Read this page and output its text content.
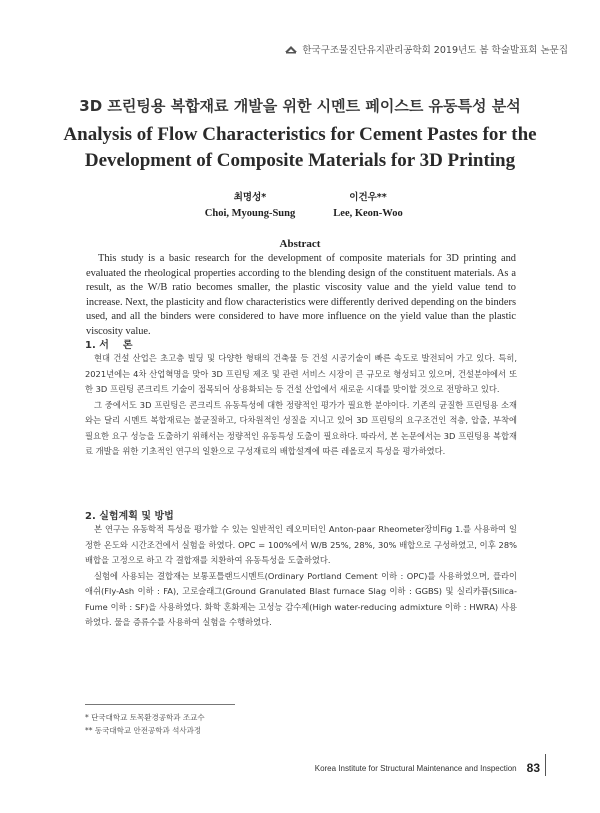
한국구조물진단유지관리공학회 2019년도 봄 학술발표회 논문집
3D 프린팅용 복합재료 개발을 위한 시멘트 페이스트 유동특성 분석
Analysis of Flow Characteristics for Cement Pastes for the
Development of Composite Materials for 3D Printing
최명성*
Choi, Myoung-Sung
이건우**
Lee, Keon-Woo
Abstract
This study is a basic research for the development of composite materials for 3D printing and evaluated the rheological properties according to the blending design of the constituent materials. As a result, as the W/B ratio becomes smaller, the plastic viscosity value and the yield value tend to increase. Next, the plasticity and flow characteristics were differently derived depending on the binders used, and all the binders were considered to have more influence on the yield value than the plastic viscosity value.
1. 서    론

현대 건설 산업은 초고층 빌딩 및 다양한 형태의 건축물 등 건설 시공기술이 빠른 속도로 발전되어 가고 있다. 특히, 2021년에는 4차 산업혁명을 맞아 3D 프린팅 제조 및 관련 서비스 시장이 큰 규모로 형성되고 있으며, 건설분야에서 또한 3D 프린팅 콘크리트 기술이 접목되어 상용화되는 등 건설 산업에서 새로운 시대를 맞이할 것으로 전망하고 있다.

그 중에서도 3D 프린팅은 콘크리트 유동특성에 대한 정량적인 평가가 필요한 분야이다. 기존의 균질한 프린팅용 소재와는 달리 시멘트 복합재료는 불균질하고, 다차원적인 성질을 지니고 있어 3D 프린팅의 요구조건인 적층, 압출, 부착에 필요한 요구 성능을 도출하기 위해서는 정량적인 유동특성 도출이 필요하다. 따라서, 본 논문에서는 3D 프린팅용 복합재료 개발을 위한 기초적인 연구의 일환으로 구성재료의 배합설계에 따른 레올로지 특성을 평가하였다.

2. 실험계획 및 방법

본 연구는 유동학적 특성을 평가할 수 있는 일반적인 레오미터인 Anton-paar Rheometer장비Fig 1.를 사용하여 일정한 온도와 시간조건에서 실험을 하였다. OPC = 100%에서 W/B 25%, 28%, 30% 배합으로 구성하였고, 이후 28% 배합을 고정으로 하고 각 결합재를 치환하여 유동특성을 도출하였다.

실험에 사용되는 결합재는 보통포틀랜드시멘트(Ordinary Portland Cement 이하 : OPC)를 사용하였으며, 플라이애쉬(Fly-Ash 이하 : FA), 고로슬래그(Ground Granulated Blast furnace Slag 이하 : GGBS) 및 실리카퓸(Silica-Fume 이하 : SF)을 사용하였다. 화학 혼화제는 고성능 감수제(High water-reducing admixture 이하 : HWRA) 사용하였다. 물을 증류수를 사용하여 실험을 수행하였다.

* 단국대학교 토목환경공학과 조교수
** 동국대학교 안전공학과 석사과정
Korea Institute for Structural Maintenance and Inspection 83
